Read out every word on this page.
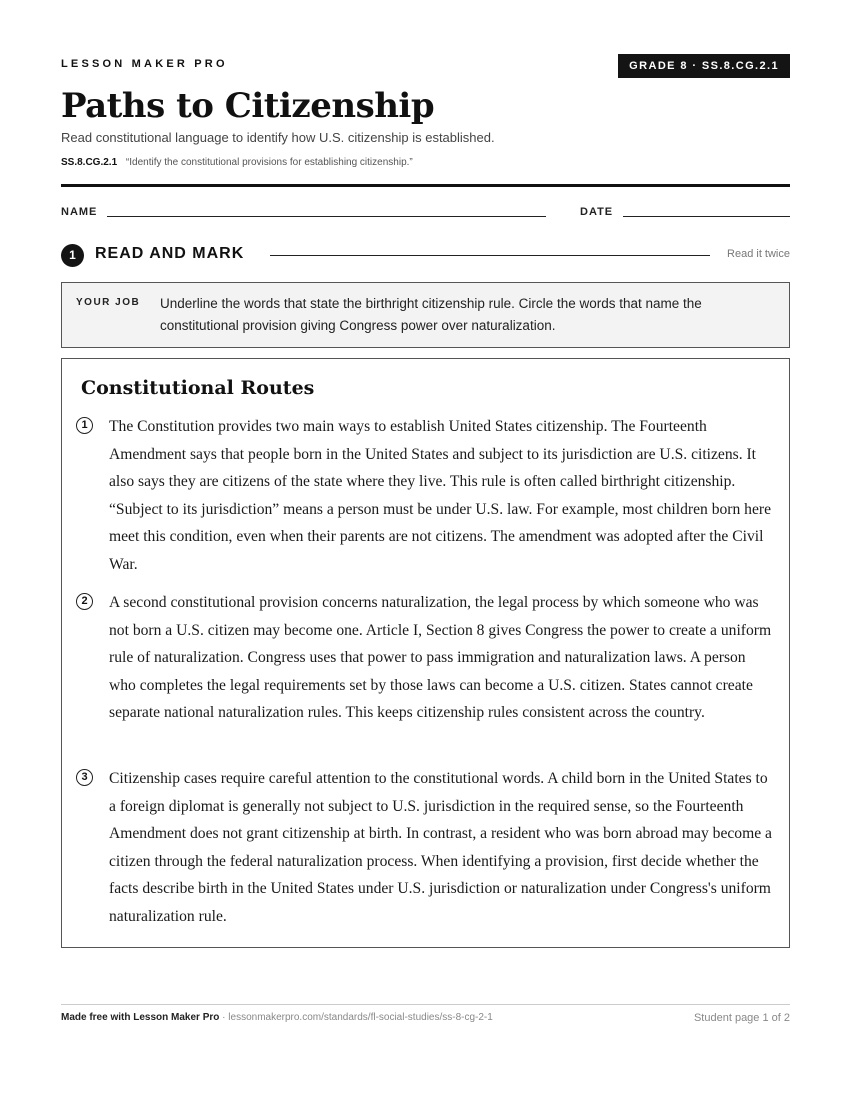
LESSON MAKER PRO	GRADE 8 · SS.8.CG.2.1
Paths to Citizenship
Read constitutional language to identify how U.S. citizenship is established.
SS.8.CG.2.1 “Identify the constitutional provisions for establishing citizenship.”
NAME	DATE
1	READ AND MARK	Read it twice
YOUR JOB Underline the words that state the birthright citizenship rule. Circle the words that name the constitutional provision giving Congress power over naturalization.
Constitutional Routes
1	The Constitution provides two main ways to establish United States citizenship. The Fourteenth Amendment says that people born in the United States and subject to its jurisdiction are U.S. citizens. It also says they are citizens of the state where they live. This rule is often called birthright citizenship. “Subject to its jurisdiction” means a person must be under U.S. law. For example, most children born here meet this condition, even when their parents are not citizens. The amendment was adopted after the Civil War.

2	A second constitutional provision concerns naturalization, the legal process by which someone who was not born a U.S. citizen may become one. Article I, Section 8 gives Congress the power to create a uniform rule of naturalization. Congress uses that power to pass immigration and naturalization laws. A person who completes the legal requirements set by those laws can become a U.S. citizen. States cannot create separate national naturalization rules. This keeps citizenship rules consistent across the country.

3	Citizenship cases require careful attention to the constitutional words. A child born in the United States to a foreign diplomat is generally not subject to U.S. jurisdiction in the required sense, so the Fourteenth Amendment does not grant citizenship at birth. In contrast, a resident who was born abroad may become a citizen through the federal naturalization process. When identifying a provision, first decide whether the facts describe birth in the United States under U.S. jurisdiction or naturalization under Congress's uniform naturalization rule.

Made free with Lesson Maker Pro · lessonmakerpro.com/standards/fl-social-studies/ss-8-cg-2-1	Student page 1 of 2
